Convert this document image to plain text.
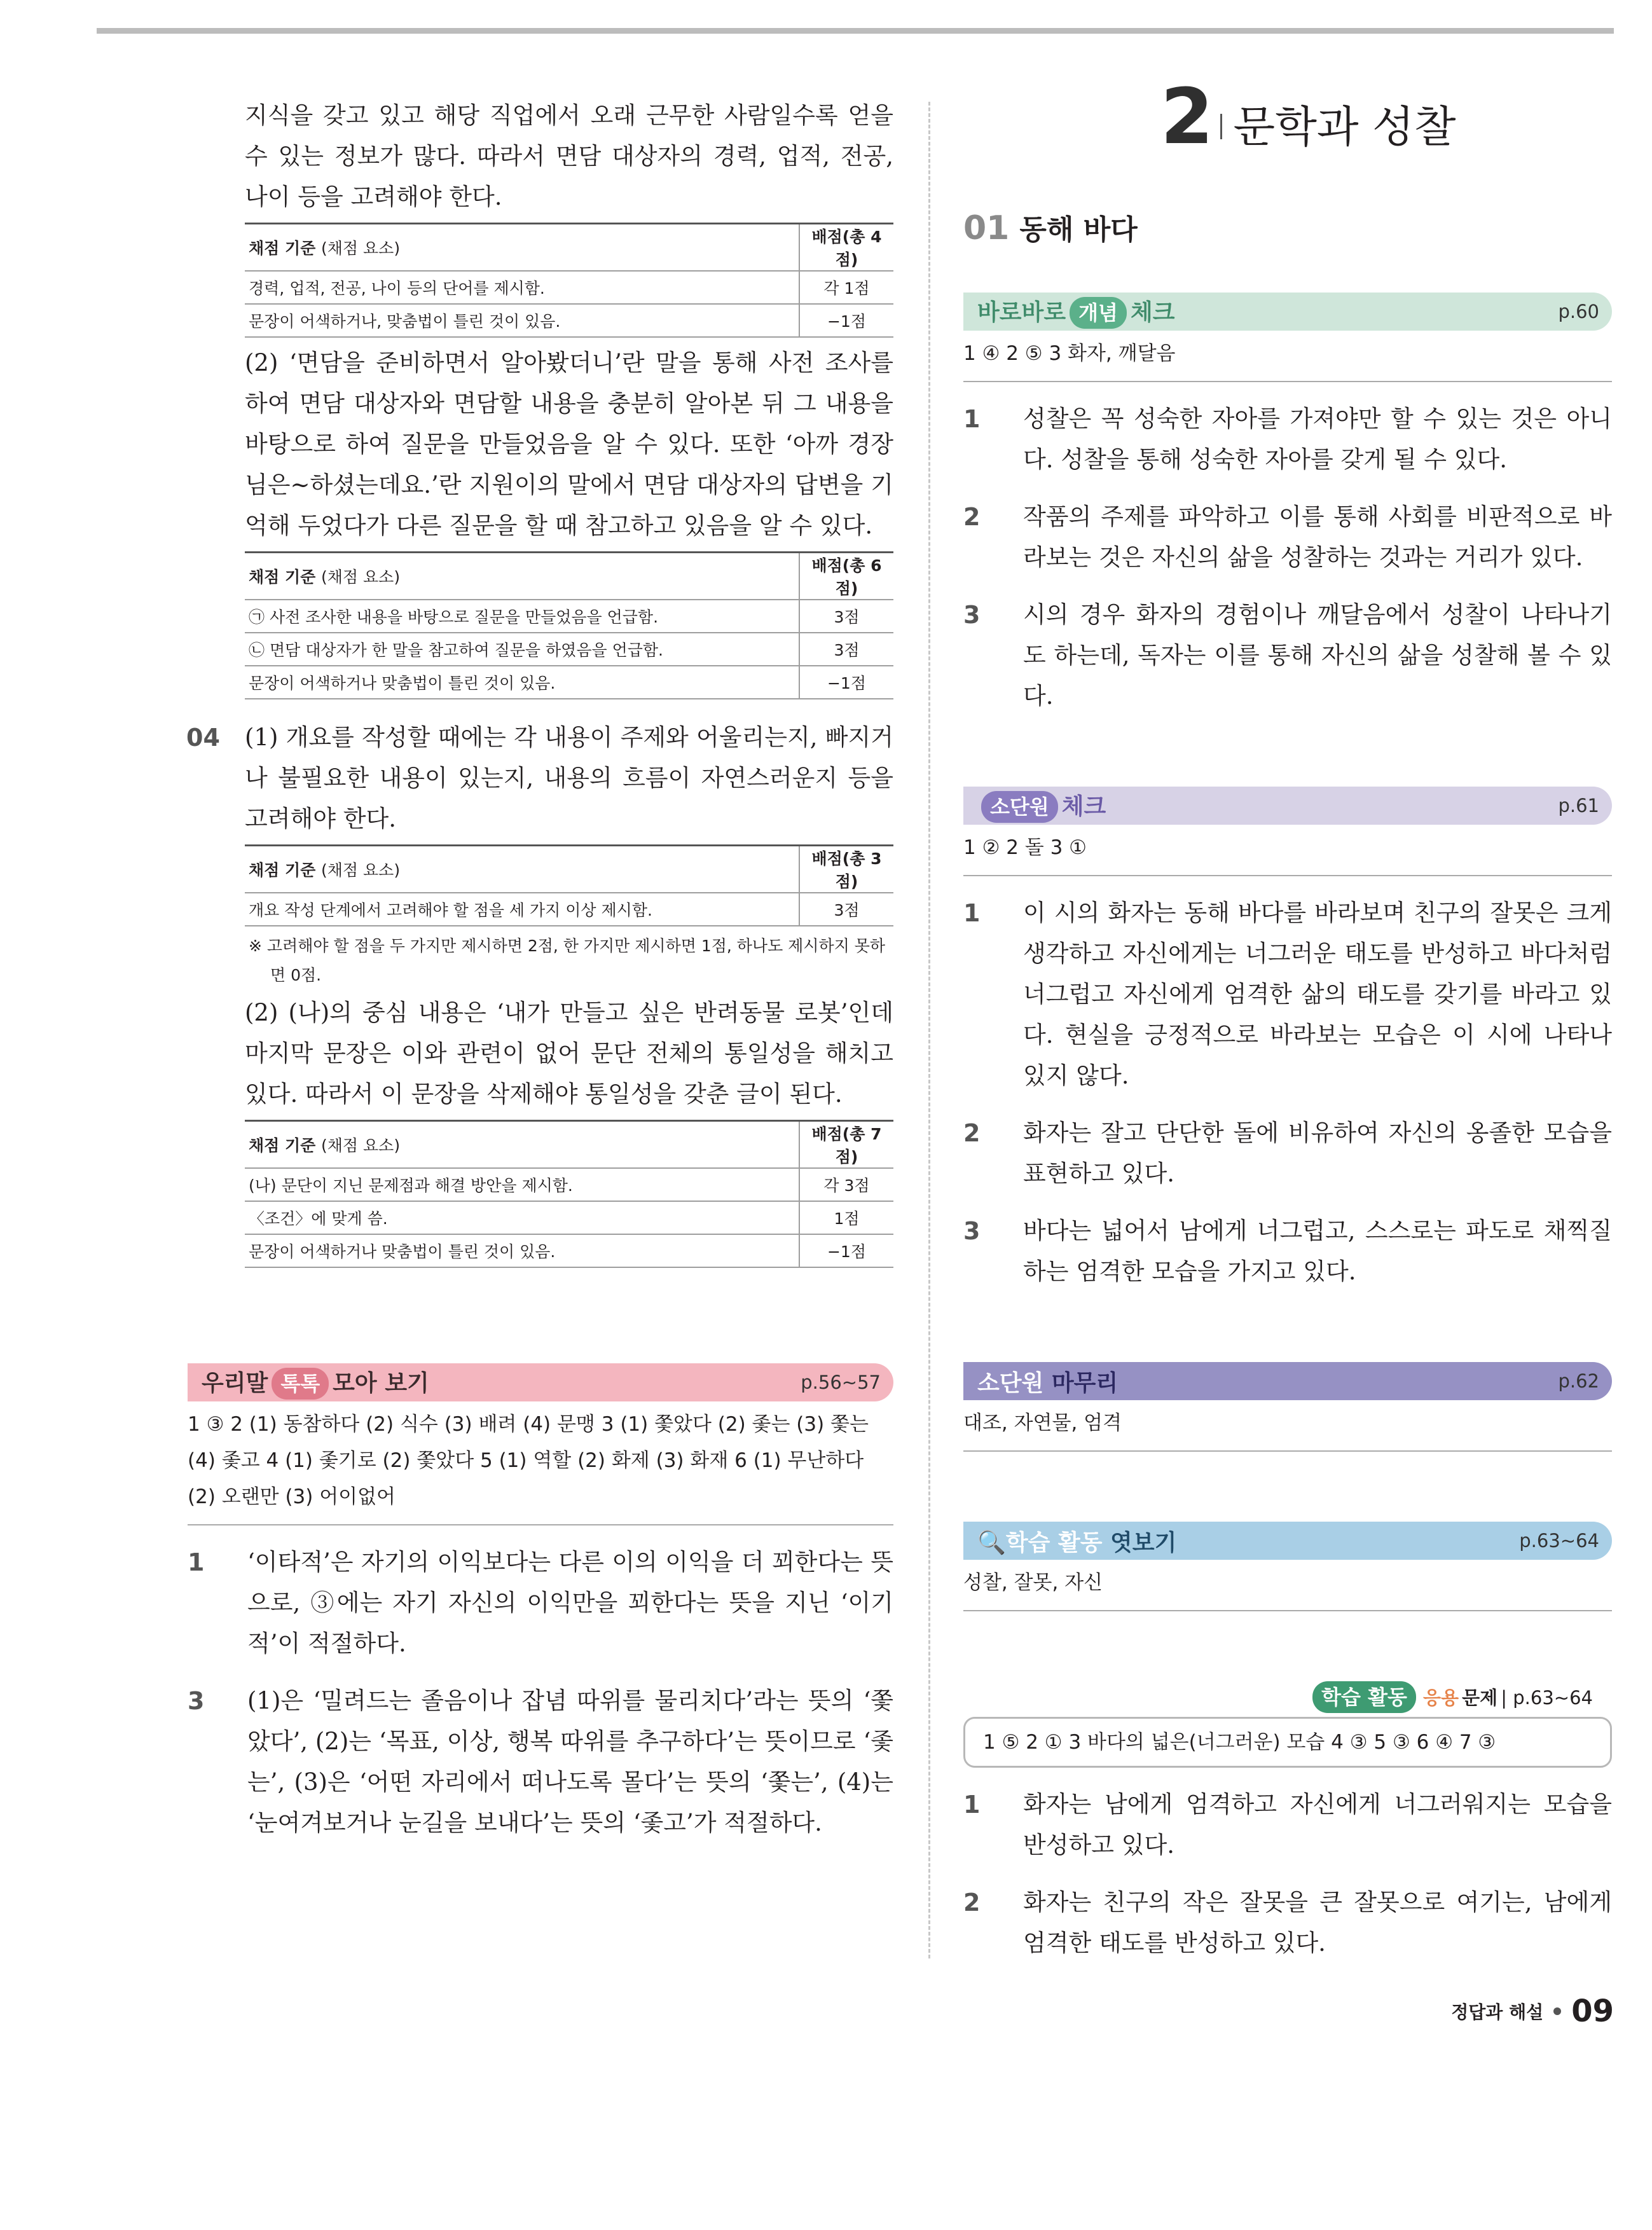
지식을 갖고 있고 해당 직업에서 오래 근무한 사람일수록 얻을 수 있는 정보가 많다. 따라서 면담 대상자의 경력, 업적, 전공, 나이 등을 고려해야 한다.

채점 기준 (채점 요소)	배점(총 4점)
경력, 업적, 전공, 나이 등의 단어를 제시함.	각 1점
문장이 어색하거나, 맞춤법이 틀린 것이 있음.	−1점

(2) ‘면담을 준비하면서 알아봤더니’란 말을 통해 사전 조사를 하여 면담 대상자와 면담할 내용을 충분히 알아본 뒤 그 내용을 바탕으로 하여 질문을 만들었음을 알 수 있다. 또한 ‘아까 경장님은~하셨는데요.’란 지원이의 말에서 면담 대상자의 답변을 기억해 두었다가 다른 질문을 할 때 참고하고 있음을 알 수 있다.

채점 기준 (채점 요소)	배점(총 6점)
㉠ 사전 조사한 내용을 바탕으로 질문을 만들었음을 언급함.	3점
㉡ 면담 대상자가 한 말을 참고하여 질문을 하였음을 언급함.	3점
문장이 어색하거나 맞춤법이 틀린 것이 있음.	−1점
04 (1) 개요를 작성할 때에는 각 내용이 주제와 어울리는지, 빠지거나 불필요한 내용이 있는지, 내용의 흐름이 자연스러운지 등을 고려해야 한다.

채점 기준 (채점 요소)	배점(총 3점)
개요 작성 단계에서 고려해야 할 점을 세 가지 이상 제시함.	3점

※ 고려해야 할 점을 두 가지만 제시하면 2점, 한 가지만 제시하면 1점, 하나도 제시하지 못하면 0점.

(2) (나)의 중심 내용은 ‘내가 만들고 싶은 반려동물 로봇’인데 마지막 문장은 이와 관련이 없어 문단 전체의 통일성을 해치고 있다. 따라서 이 문장을 삭제해야 통일성을 갖춘 글이 된다.

채점 기준 (채점 요소)	배점(총 7점)
(나) 문단이 지닌 문제점과 해결 방안을 제시함.	각 3점
〈조건〉에 맞게 씀.	1점
문장이 어색하거나 맞춤법이 틀린 것이 있음.	−1점
우리말 톡톡 모아 보기	p.56~57

1 ③ 2 (1) 동참하다 (2) 식수 (3) 배려 (4) 문맹 3 (1) 쫓았다 (2) 좇는 (3) 쫓는 (4) 좇고 4 (1) 좇기로 (2) 쫓았다 5 (1) 역할 (2) 화제 (3) 화재 6 (1) 무난하다 (2) 오랜만 (3) 어이없어

1 ‘이타적’은 자기의 이익보다는 다른 이의 이익을 더 꾀한다는 뜻으로, ③에는 자기 자신의 이익만을 꾀한다는 뜻을 지닌 ‘이기적’이 적절하다.

3 (1)은 ‘밀려드는 졸음이나 잡념 따위를 물리치다’라는 뜻의 ‘쫓았다’, (2)는 ‘목표, 이상, 행복 따위를 추구하다’는 뜻이므로 ‘좇는’, (3)은 ‘어떤 자리에서 떠나도록 몰다’는 뜻의 ‘쫓는’, (4)는 ‘눈여겨보거나 눈길을 보내다’는 뜻의 ‘좇고’가 적절하다.

2 문학과 성찰
01 동해 바다
바로바로 개념 체크	p.60

1 ④ 2 ⑤ 3 화자, 깨달음

1 성찰은 꼭 성숙한 자아를 가져야만 할 수 있는 것은 아니다. 성찰을 통해 성숙한 자아를 갖게 될 수 있다.

2 작품의 주제를 파악하고 이를 통해 사회를 비판적으로 바라보는 것은 자신의 삶을 성찰하는 것과는 거리가 있다.

3 시의 경우 화자의 경험이나 깨달음에서 성찰이 나타나기도 하는데, 독자는 이를 통해 자신의 삶을 성찰해 볼 수 있다.

소단원 체크	p.61

1 ② 2 돌 3 ①

1 이 시의 화자는 동해 바다를 바라보며 친구의 잘못은 크게 생각하고 자신에게는 너그러운 태도를 반성하고 바다처럼 너그럽고 자신에게 엄격한 삶의 태도를 갖기를 바라고 있다. 현실을 긍정적으로 바라보는 모습은 이 시에 나타나 있지 않다.

2 화자는 잘고 단단한 돌에 비유하여 자신의 옹졸한 모습을 표현하고 있다.

3 바다는 넓어서 남에게 너그럽고, 스스로는 파도로 채찍질하는 엄격한 모습을 가지고 있다.

소단원 마무리	p.62

대조, 자연물, 엄격

🔍학습 활동 엿보기	p.63~64

성찰, 잘못, 자신

학습 활동 응용 문제 | p.63~64

1 ⑤ 2 ① 3 바다의 넓은(너그러운) 모습 4 ③ 5 ③ 6 ④ 7 ③

1 화자는 남에게 엄격하고 자신에게 너그러워지는 모습을 반성하고 있다.

2 화자는 친구의 작은 잘못을 큰 잘못으로 여기는, 남에게 엄격한 태도를 반성하고 있다.

정답과 해설 09
